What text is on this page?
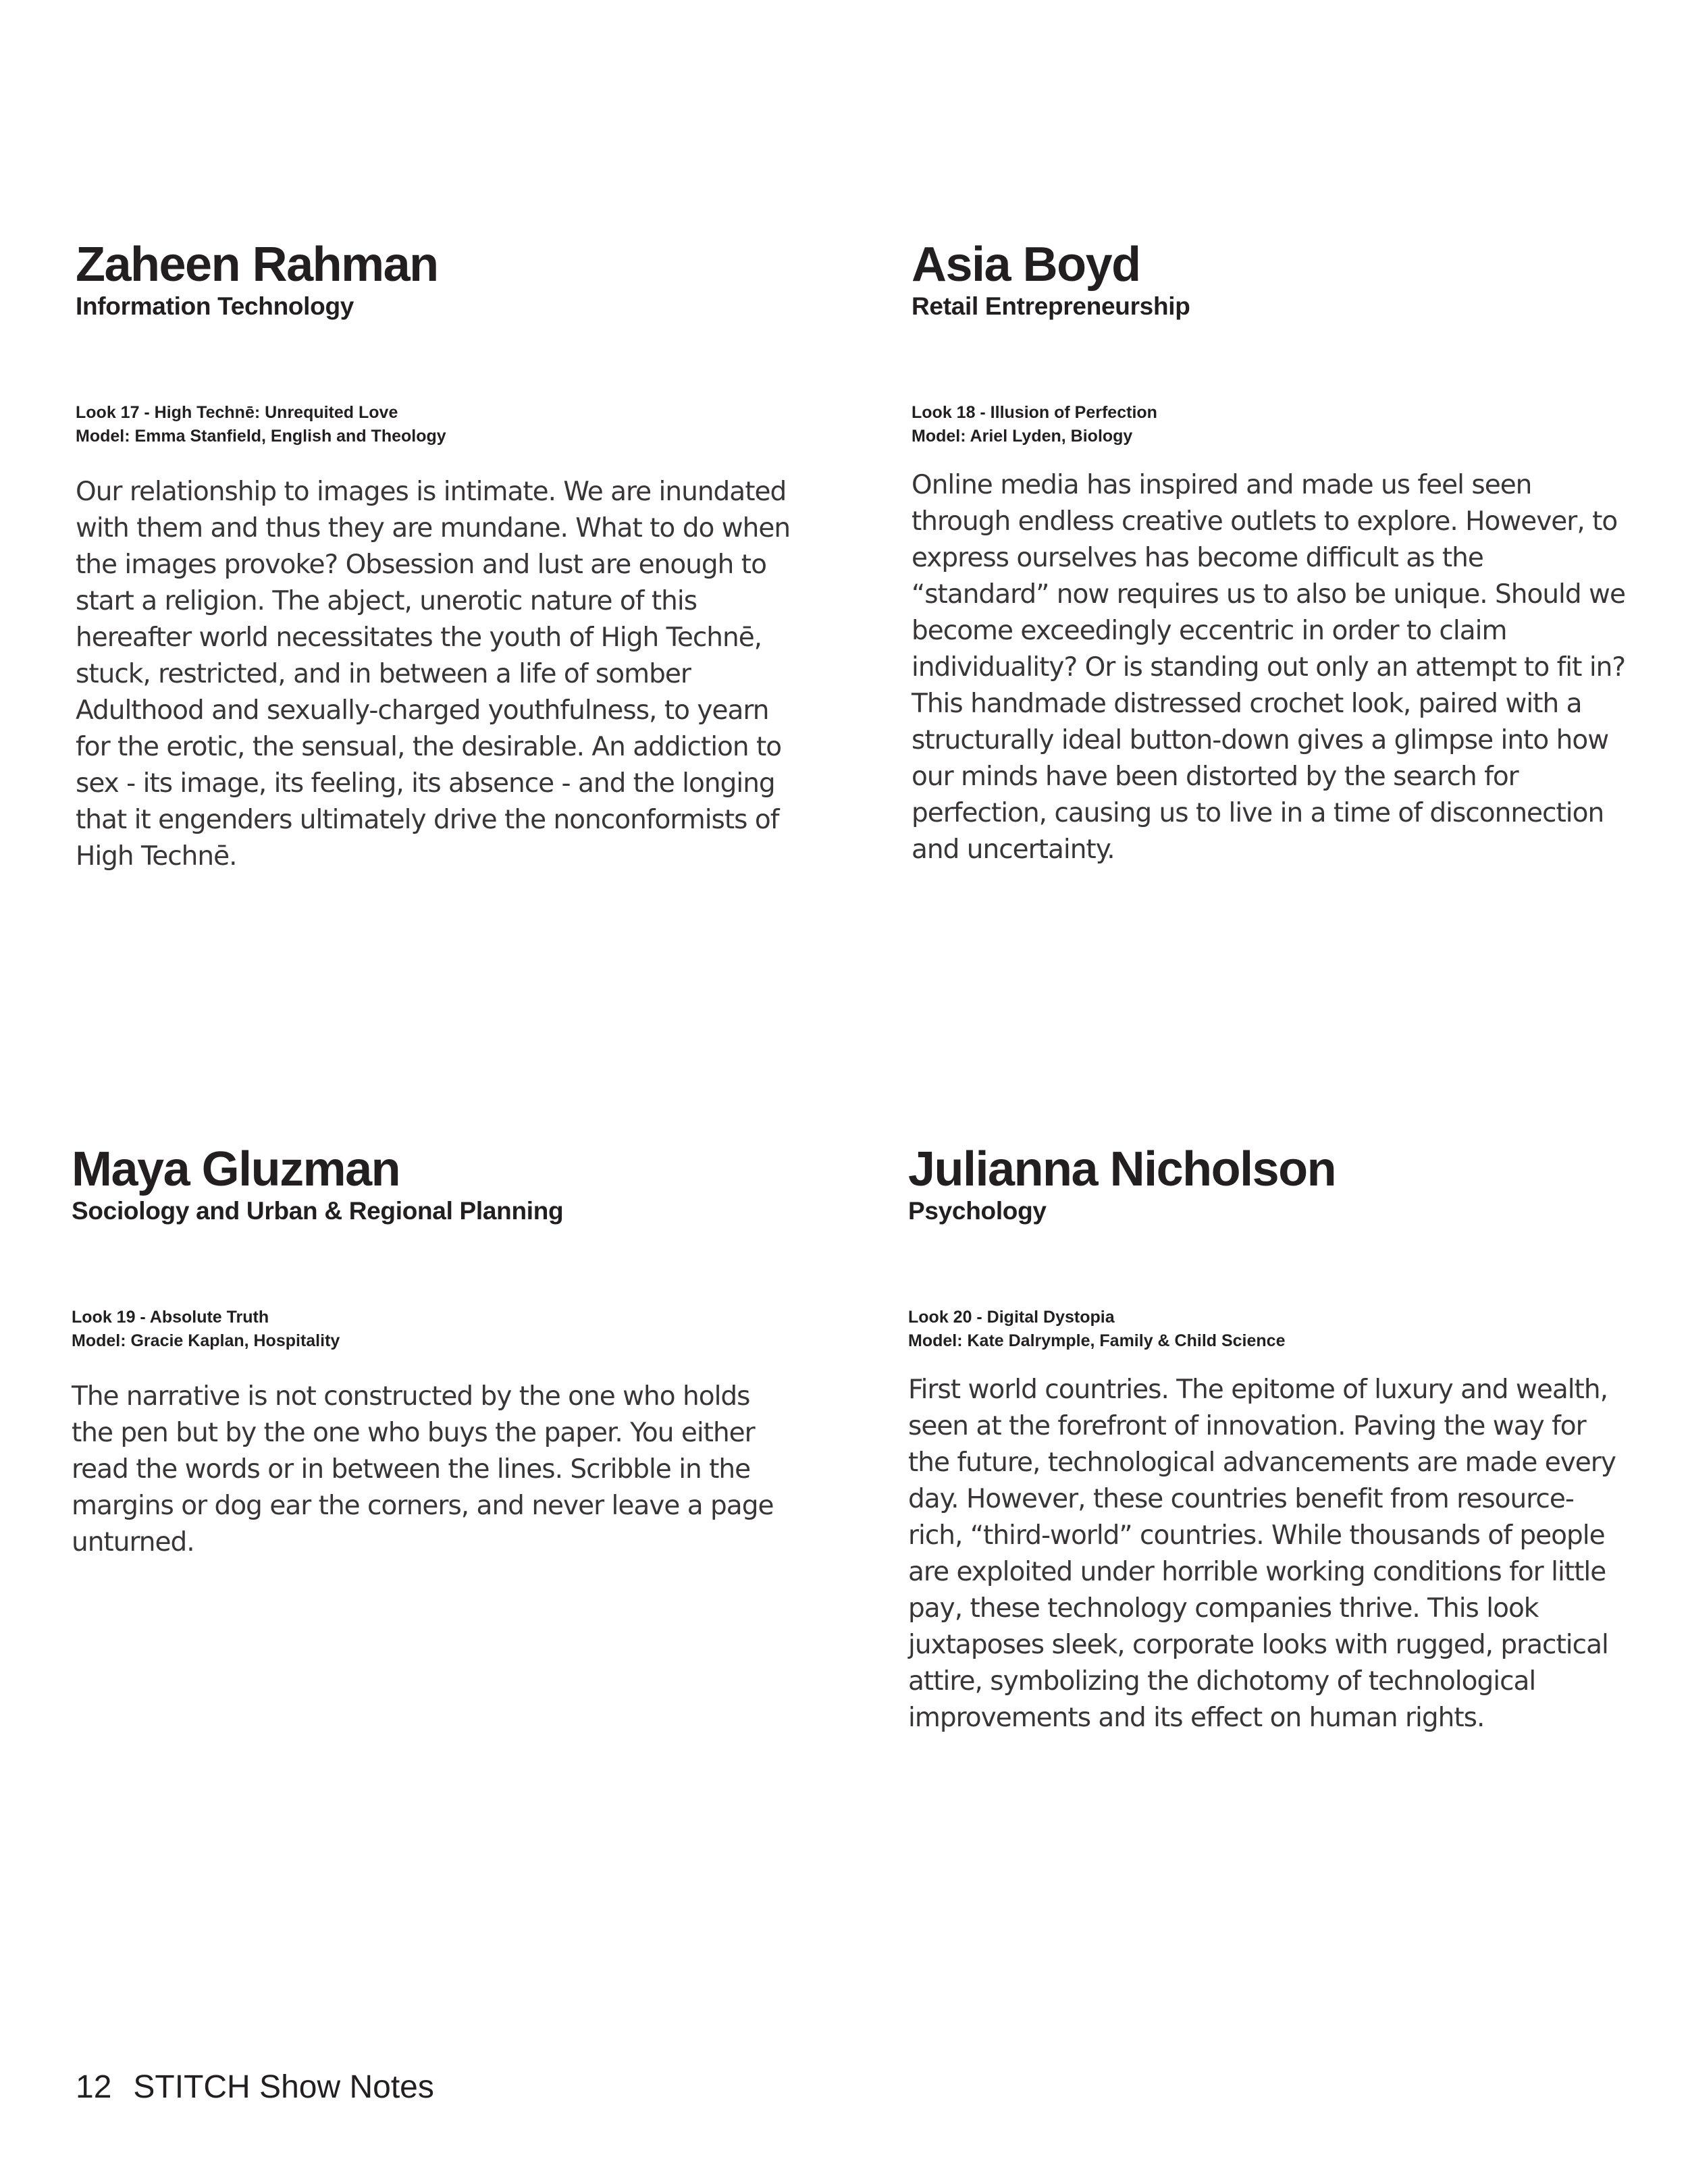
Zaheen Rahman

Information Technology

Look 17 - High Technē: Unrequited Love
Model: Emma Stanfield, English and Theology

Our relationship to images is intimate. We are inundated with them and thus they are mundane. What to do when the images provoke? Obsession and lust are enough to start a religion. The abject, unerotic nature of this hereafter world necessitates the youth of High Technē, stuck, restricted, and in between a life of somber Adulthood and sexually-charged youthfulness, to yearn for the erotic, the sensual, the desirable. An addiction to sex - its image, its feeling, its absence - and the longing that it engenders ultimately drive the nonconformists of High Technē.

Asia Boyd

Retail Entrepreneurship

Look 18 - Illusion of Perfection
Model: Ariel Lyden, Biology

Online media has inspired and made us feel seen through endless creative outlets to explore. However, to express ourselves has become difficult as the “standard” now requires us to also be unique. Should we become exceedingly eccentric in order to claim individuality? Or is standing out only an attempt to fit in? This handmade distressed crochet look, paired with a structurally ideal button-down gives a glimpse into how our minds have been distorted by the search for perfection, causing us to live in a time of disconnection and uncertainty.

Maya Gluzman

Sociology and Urban & Regional Planning

Look 19 - Absolute Truth
Model: Gracie Kaplan, Hospitality

The narrative is not constructed by the one who holds the pen but by the one who buys the paper. You either read the words or in between the lines. Scribble in the margins or dog ear the corners, and never leave a page unturned.

Julianna Nicholson

Psychology

Look 20 - Digital Dystopia
Model: Kate Dalrymple, Family & Child Science

First world countries. The epitome of luxury and wealth, seen at the forefront of innovation. Paving the way for the future, technological advancements are made every day. However, these countries benefit from resource-rich, “third-world” countries. While thousands of people are exploited under horrible working conditions for little pay, these technology companies thrive. This look juxtaposes sleek, corporate looks with rugged, practical attire, symbolizing the dichotomy of technological improvements and its effect on human rights.

12 STITCH Show Notes
